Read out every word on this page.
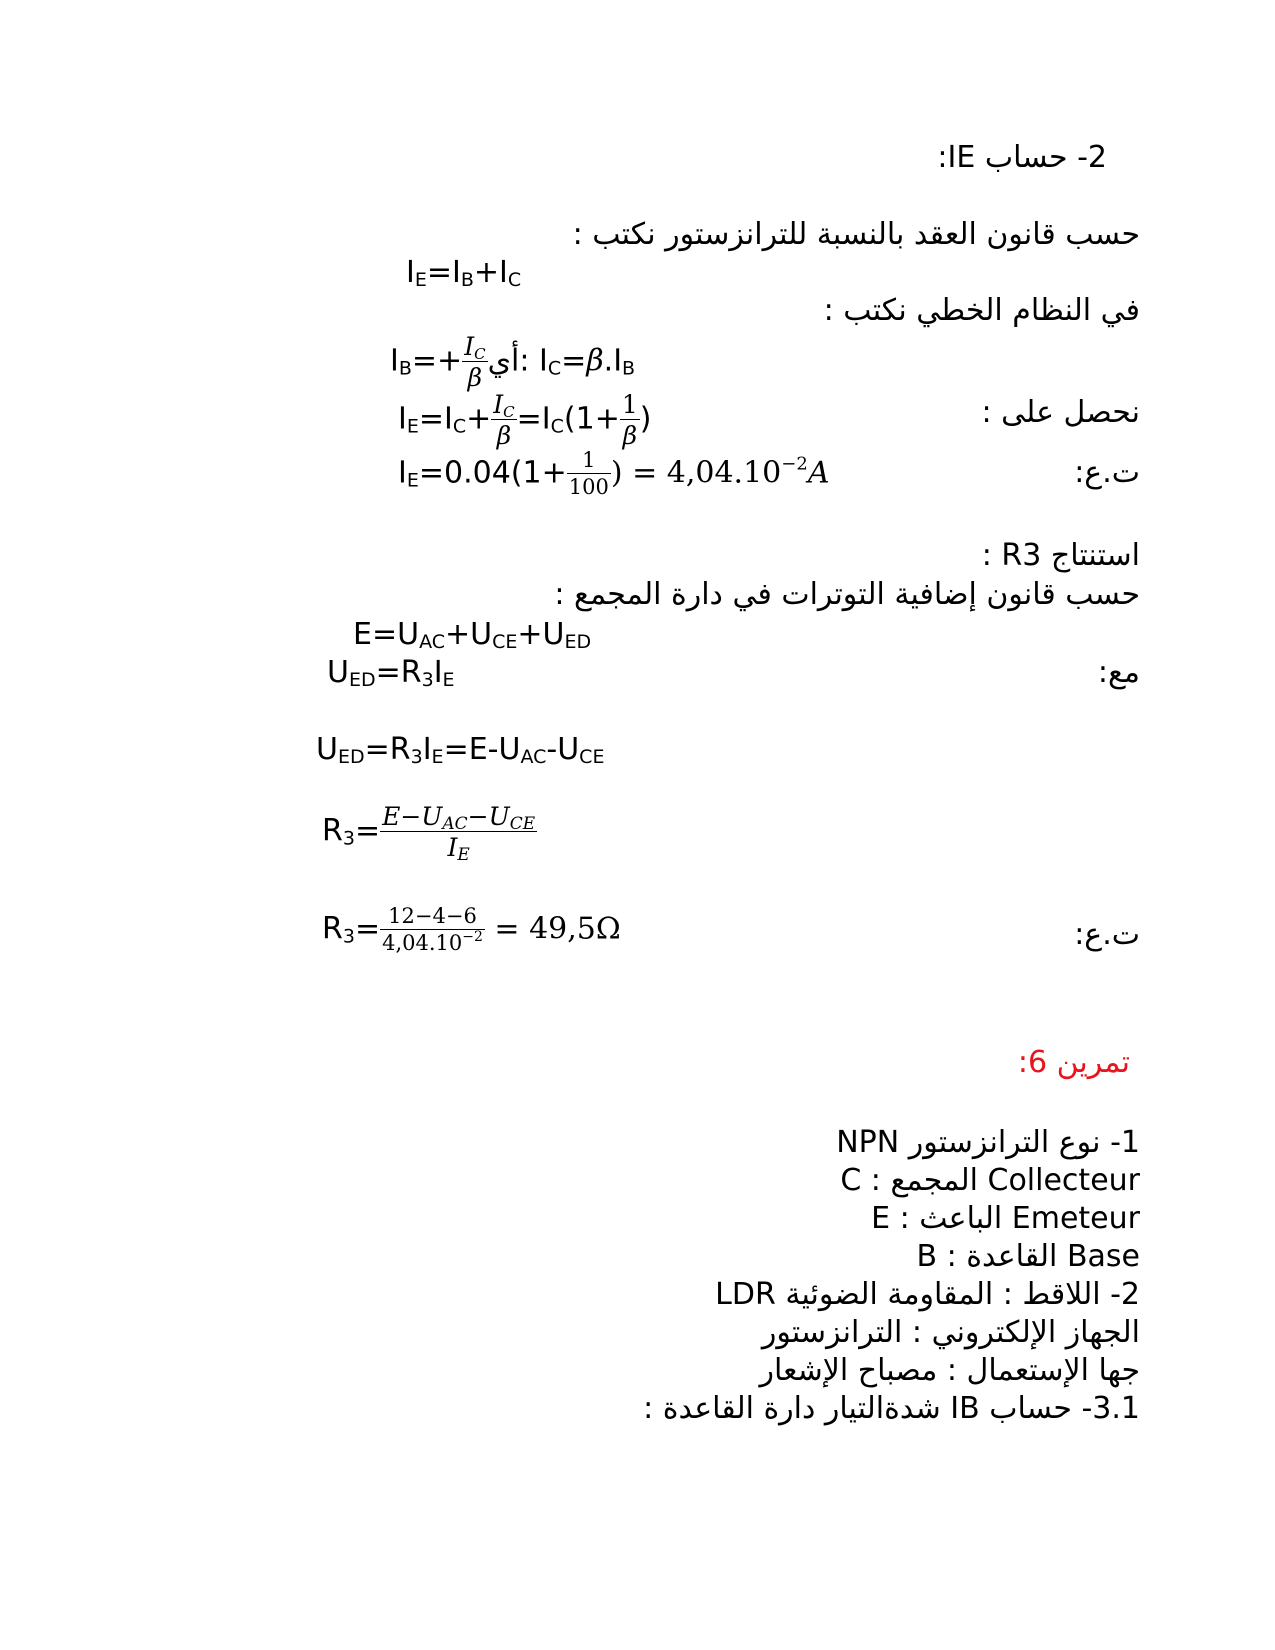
2- حساب IE:
حسب قانون العقد بالنسبة للترانزستور نكتب :
$I_E=I_B+I_C$
في النظام الخطي نكتب :
$I_B=+ \frac{I_C}{\beta}$ $:أيI_C=\beta.I_B$
نحصل على :
$I_E=I_C+ \frac{I_C}{\beta} =I_C(1+ \frac{1}{\beta}$ )
ت.ع:
$I_E=0.04(1+ \frac{1}{100}$ ) = $4,04.10^{-2}A$
استنتاج R3 :
حسب قانون إضافية التوترات في دارة المجمع :
$E=U_{AC}+U_{CE}+U_{ED}$
مع:
$U_{ED}=R_3I_E$
$U_{ED}=R_3I_E=E-U_{AC}-U_{CE}$
$R_3= \frac{E-U_{AC}-U_{CE}}{I_E}$
ت.ع:
$R_3= \frac{12-4-6}{4,04.10^{-2}} = 49,5\Omega$
تمرين 6:
1- نوع الترانزستور NPN
C : المجمع Collecteur
E : الباعث Emeteur
B : القاعدة Base
2- اللاقط : المقاومة الضوئية LDR
الجهاز الإلكتروني : الترانزستور
جها الإستعمال : مصباح الإشعار
3.1- حساب IB شدةالتيار دارة القاعدة :
